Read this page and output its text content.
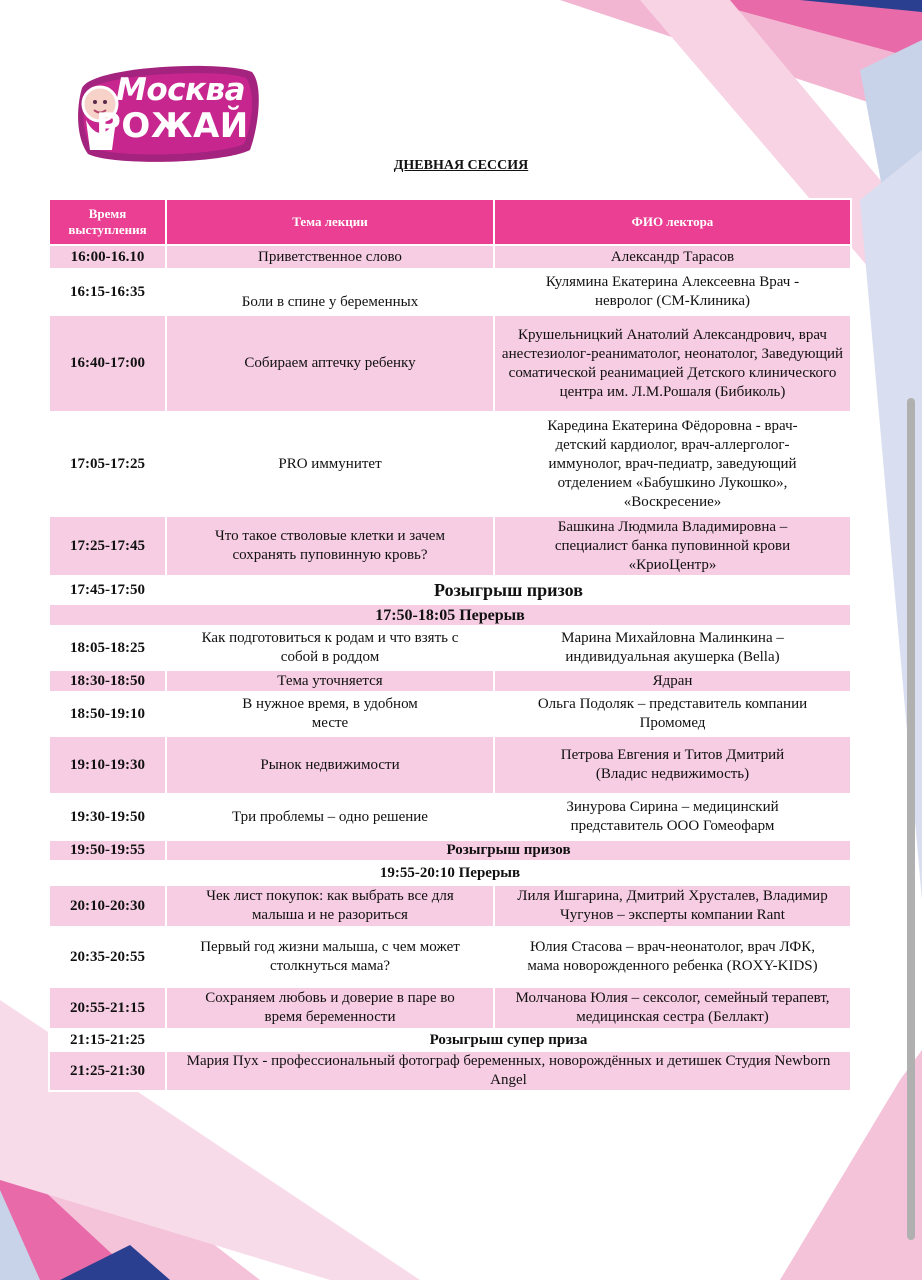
Москва
РОЖАЙ
ДНЕВНАЯ СЕССИЯ
Время выступления	Тема лекции	ФИО лектора
16:00-16.10	Приветственное слово	Александр Тарасов
16:15-16:35	Боли в спине у беременных	Кулямина Екатерина Алексеевна Врач - невролог (СМ-Клиника)
16:40-17:00	Собираем аптечку ребенку	Крушельницкий Анатолий Александрович, врач анестезиолог-реаниматолог, неонатолог, Заведующий соматической реанимацией Детского клинического центра им. Л.М.Рошаля (Бибиколь)
17:05-17:25	PRO иммунитет	Карединa Екатерина Фёдоровна - врач-детский кардиолог, врач-аллерголог-иммунолог, врач-педиатр, заведующий отделением «Бабушкино Лукошко», «Воскресение»
17:25-17:45	Что такое стволовые клетки и зачем сохранять пуповинную кровь?	Башкина Людмила Владимировна – специалист банка пуповинной крови «КриоЦентр»
17:45-17:50	Розыгрыш призов	
17:50-18:05 Перерыв		
18:05-18:25	Как подготовиться к родам и что взять с собой в роддом	Марина Михайловна Малинкина – индивидуальная акушерка (Bella)
18:30-18:50	Тема уточняется	Ядран
18:50-19:10	В нужное время, в удобном месте	Ольга Подоляк – представитель компании Промомед
19:10-19:30	Рынок недвижимости	Петрова Евгения и Титов Дмитрий (Владис недвижимость)
19:30-19:50	Три проблемы – одно решение	Зинурова Сирина – медицинский представитель ООО Гомеофарм
19:50-19:55	Розыгрыш призов	
19:55-20:10 Перерыв		
20:10-20:30	Чек лист покупок: как выбрать все для малыша и не разориться	Лиля Ишгарина, Дмитрий Хрусталев, Владимир Чугунов – эксперты компании Rant
20:35-20:55	Первый год жизни малыша, с чем может столкнуться мама?	Юлия Стасова – врач-неонатолог, врач ЛФК, мама новорожденного ребенка (ROXY-KIDS)
20:55-21:15	Сохраняем любовь и доверие в паре во время беременности	Молчанова Юлия – сексолог, семейный терапевт, медицинская сестра (Беллакт)
21:15-21:25	Розыгрыш супер приза	
21:25-21:30	Мария Пух - профессиональный фотограф беременных, новорождённых и детишек Студия Newborn Angel	
